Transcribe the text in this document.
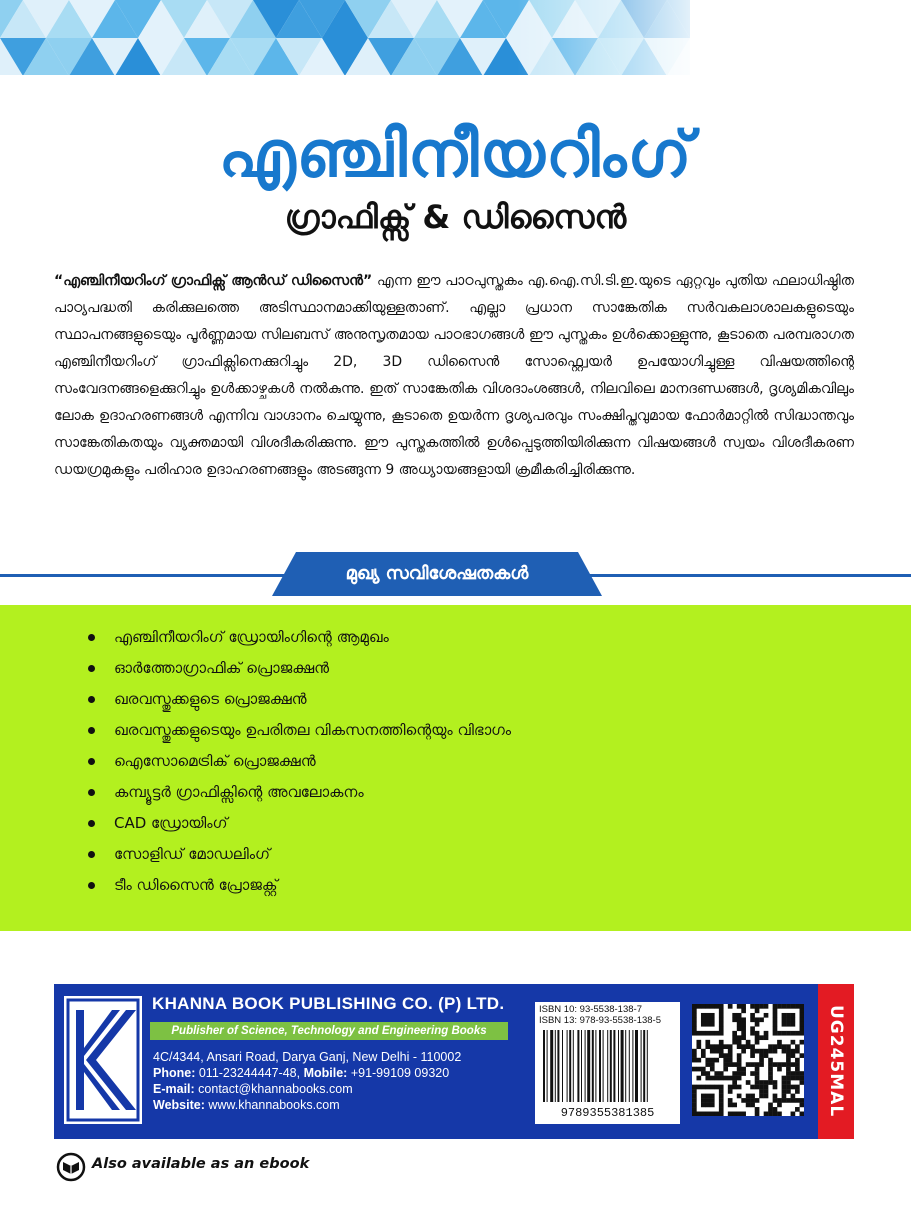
എഞ്ചിനീയറിംഗ്
ഗ്രാഫിക്സ് & ഡിസൈൻ

“എഞ്ചിനീയറിംഗ് ഗ്രാഫിക്സ് ആൻഡ് ഡിസൈൻ” എന്ന ഈ പാഠപുസ്തകം എ.ഐ.സി.ടി.ഇ.യുടെ ഏറ്റവും പുതിയ ഫലാധിഷ്ഠിത പാഠ്യപദ്ധതി കരിക്കുലത്തെ അടിസ്ഥാനമാക്കിയുള്ളതാണ്. എല്ലാ പ്രധാന സാങ്കേതിക സർവകലാശാലകളുടെയും സ്ഥാപനങ്ങളുടെയും പൂർണ്ണമായ സിലബസ് അനുസൃതമായ പാഠഭാഗങ്ങൾ ഈ പുസ്തകം ഉൾക്കൊള്ളുന്നു, കൂടാതെ പരമ്പരാഗത എഞ്ചിനീയറിംഗ് ഗ്രാഫിക്സിനെക്കുറിച്ചും 2D, 3D ഡിസൈൻ സോഫ്റ്റ്വെയർ ഉപയോഗിച്ചുള്ള വിഷയത്തിന്റെ സംവേദനങ്ങളെക്കുറിച്ചും ഉൾക്കാഴ്ചകൾ നൽകുന്നു. ഇത് സാങ്കേതിക വിശദാംശങ്ങൾ, നിലവിലെ മാനദണ്ഡങ്ങൾ, ദൃശ്യമികവിലും ലോക ഉദാഹരണങ്ങൾ എന്നിവ വാഗ്ദാനം ചെയ്യുന്നു, കൂടാതെ ഉയർന്ന ദൃശ്യപരവും സംക്ഷിപ്തവുമായ ഫോർമാറ്റിൽ സിദ്ധാന്തവും സാങ്കേതികതയും വ്യക്തമായി വിശദീകരിക്കുന്നു. ഈ പുസ്തകത്തിൽ ഉൾപ്പെടുത്തിയിരിക്കുന്ന വിഷയങ്ങൾ സ്വയം വിശദീകരണ ഡയഗ്രമുകളും പരിഹാര ഉദാഹരണങ്ങളും അടങ്ങുന്ന 9 അധ്യായങ്ങളായി ക്രമീകരിച്ചിരിക്കുന്നു.

മുഖ്യ സവിശേഷതകൾ
എഞ്ചിനീയറിംഗ് ഡ്രോയിംഗിന്റെ ആമുഖം
ഓർത്തോഗ്രാഫിക് പ്രൊജക്ഷൻ
ഖരവസ്തുക്കളുടെ പ്രൊജക്ഷൻ
ഖരവസ്തുക്കളുടെയും ഉപരിതല വികസനത്തിന്റെയും വിഭാഗം
ഐസോമെട്രിക് പ്രൊജക്ഷൻ
കമ്പ്യൂട്ടർ ഗ്രാഫിക്സിന്റെ അവലോകനം
CAD ഡ്രോയിംഗ്
സോളിഡ് മോഡലിംഗ്
ടീം ഡിസൈൻ പ്രോജക്റ്റ്
KHANNA BOOK PUBLISHING CO. (P) LTD.
Publisher of Science, Technology and Engineering Books
4C/4344, Ansari Road, Darya Ganj, New Delhi - 110002
Phone: 011-23244447-48, Mobile: +91-99109 09320
E-mail: contact@khannabooks.com
Website: www.khannabooks.com
ISBN 10: 93-5538-138-7
ISBN 13: 978-93-5538-138-5
9789355381385	UG245MAL
Also available as an ebook
